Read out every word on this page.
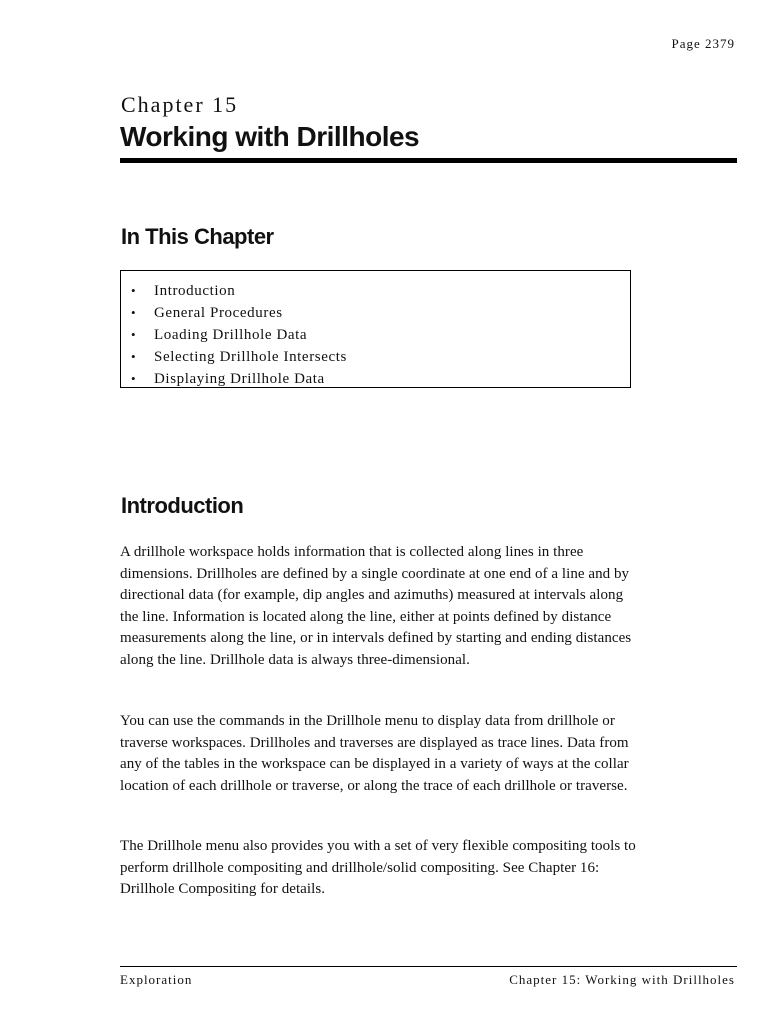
Page 2379
Chapter 15
Working with Drillholes
In This Chapter
• Introduction
• General Procedures
• Loading Drillhole Data
• Selecting Drillhole Intersects
• Displaying Drillhole Data
Introduction

A drillhole workspace holds information that is collected along lines in three dimensions. Drillholes are defined by a single coordinate at one end of a line and by directional data (for example, dip angles and azimuths) measured at intervals along the line. Information is located along the line, either at points defined by distance measurements along the line, or in intervals defined by starting and ending distances along the line. Drillhole data is always three-dimensional.

You can use the commands in the Drillhole menu to display data from drillhole or traverse workspaces. Drillholes and traverses are displayed as trace lines. Data from any of the tables in the workspace can be displayed in a variety of ways at the collar location of each drillhole or traverse, or along the trace of each drillhole or traverse.

The Drillhole menu also provides you with a set of very flexible compositing tools to perform drillhole compositing and drillhole/solid compositing. See Chapter 16: Drillhole Compositing for details.

Exploration	Chapter 15: Working with Drillholes
